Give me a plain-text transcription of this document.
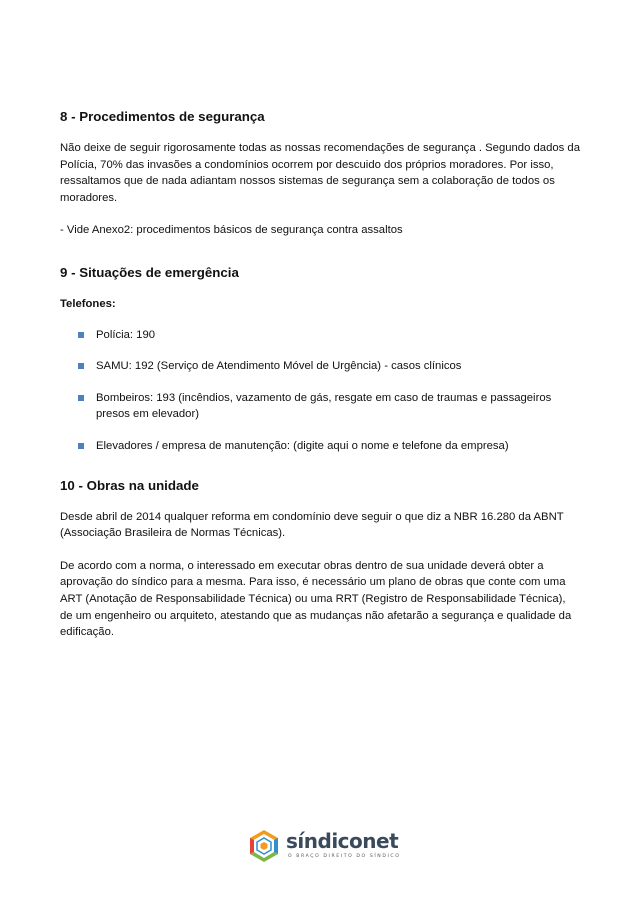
8 - Procedimentos de segurança

Não deixe de seguir rigorosamente todas as nossas recomendações de segurança . Segundo dados da Polícia, 70% das invasões a condomínios ocorrem por descuido dos próprios moradores. Por isso, ressaltamos que de nada adiantam nossos sistemas de segurança sem a colaboração de todos os moradores.

- Vide Anexo2: procedimentos básicos de segurança contra assaltos

9 - Situações de emergência

Telefones:

Polícia: 190
SAMU: 192 (Serviço de Atendimento Móvel de Urgência) - casos clínicos
Bombeiros: 193 (incêndios, vazamento de gás, resgate em caso de traumas e passageiros presos em elevador)
Elevadores / empresa de manutenção: (digite aqui o nome e telefone da empresa)
10 - Obras na unidade

Desde abril de 2014 qualquer reforma em condomínio deve seguir o que diz a NBR 16.280 da ABNT (Associação Brasileira de Normas Técnicas).

De acordo com a norma, o interessado em executar obras dentro de sua unidade deverá obter a aprovação do síndico para a mesma. Para isso, é necessário um plano de obras que conte com uma ART (Anotação de Responsabilidade Técnica) ou uma RRT (Registro de Responsabilidade Técnica), de um engenheiro ou arquiteto, atestando que as mudanças não afetarão a segurança e qualidade da edificação.

síndiconet
O BRAÇO DIREITO DO SÍNDICO
